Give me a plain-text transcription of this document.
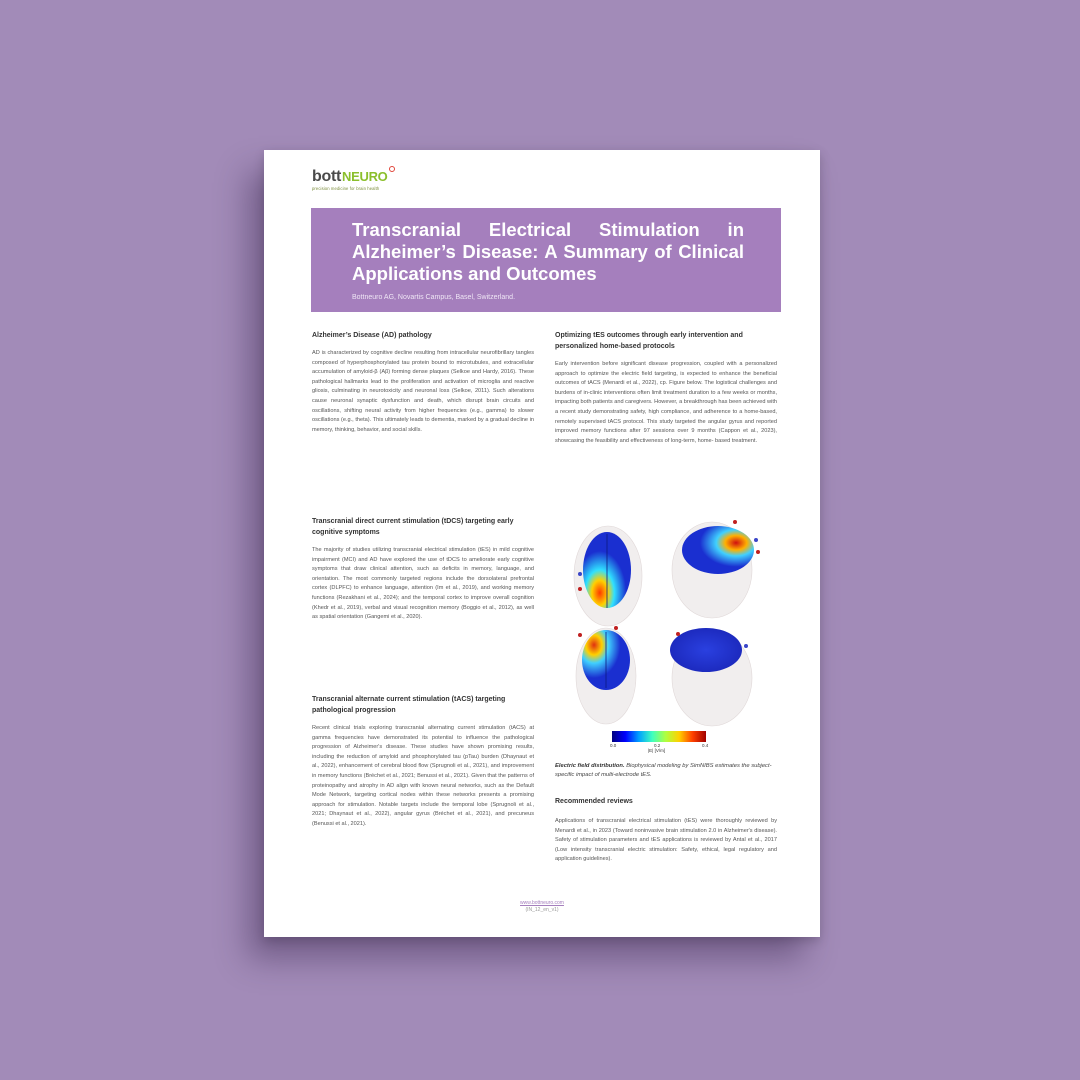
bottNEURO
precision medicine for brain health
Transcranial Electrical Stimulation in Alzheimer’s Disease: A Summary of Clinical Applications and Outcomes
Bottneuro AG, Novartis Campus, Basel, Switzerland.
Alzheimer’s Disease (AD) pathology

AD is characterized by cognitive decline resulting from intracellular neurofibrillary tangles composed of hyperphosphorylated tau protein bound to microtubules, and extracellular accumulation of amyloid-β (Aβ) forming dense plaques (Selkoe and Hardy, 2016). These pathological hallmarks lead to the proliferation and activation of microglia and reactive gliosis, culminating in neurotoxicity and neuronal loss (Selkoe, 2011). Such alterations cause neuronal synaptic dysfunction and death, which disrupt brain circuits and oscillations, shifting neural activity from higher frequencies (e.g., gamma) to slower oscillations (e.g., theta). This ultimately leads to dementia, marked by a gradual decline in memory, thinking, behavior, and social skills.

Transcranial direct current stimulation (tDCS) targeting early cognitive symptoms

The majority of studies utilizing transcranial electrical stimulation (tES) in mild cognitive impairment (MCI) and AD have explored the use of tDCS to ameliorate early cognitive symptoms that draw clinical attention, such as deficits in memory, language, and orientation. The most commonly targeted regions include the dorsolateral prefrontal cortex (DLPFC) to enhance language, attention (Im et al., 2019), and working memory functions (Rezakhani et al., 2024); and the temporal cortex to improve overall cognition (Khedr et al., 2019), verbal and visual recognition memory (Boggio et al., 2012), as well as spatial orientation (Gangemi et al., 2020).

Transcranial alternate current stimulation (tACS) targeting pathological progression

Recent clinical trials exploring transcranial alternating current stimulation (tACS) at gamma frequencies have demonstrated its potential to influence the pathological progression of Alzheimer's disease. These studies have shown promising results, including the reduction of amyloid and phosphorylated tau (pTau) burden (Dhaynaut et al., 2022), enhancement of cerebral blood flow (Sprugnoli et al., 2021), and improvement in memory functions (Bréchet et al., 2021; Benussi et al., 2021). Given that the patterns of proteinopathy and atrophy in AD align with known neural networks, such as the Default Mode Network, targeting cortical nodes within these networks presents a promising approach for stimulation. Notable targets include the temporal lobe (Sprugnoli et al., 2021; Dhaynaut et al., 2022), angular gyrus (Bréchet et al., 2021), and precuneus (Benussi et al., 2021).

Optimizing tES outcomes through early intervention and personalized home-based protocols

Early intervention before significant disease progression, coupled with a personalized approach to optimize the electric field targeting, is expected to enhance the beneficial outcomes of tACS (Menardi et al., 2022), cp. Figure below. The logistical challenges and burdens of in-clinic interventions often limit treatment duration to a few weeks or months, impacting both patients and caregivers. However, a breakthrough has been achieved with a recent study demonstrating safety, high compliance, and adherence to a home-based, remotely supervised tACS protocol. This study targeted the angular gyrus and reported improved memory functions after 97 sessions over 9 months (Cappon et al., 2023), showcasing the feasibility and effectiveness of long-term, home- based treatment.

0.0	0.2	0.4
|E| [V/m]
Electric field distribution. Biophysical modeling by SimNIBS estimates the subject-specific impact of multi-electrode tES.
Recommended reviews

Applications of transcranial electrical stimulation (tES) were thoroughly reviewed by Menardi et al., in 2023 (Toward noninvasive brain stimulation 2.0 in Alzheimer's disease). Safety of stimulation parameters and tES applications is reviewed by Antal et al., 2017 (Low intensity transcranial electric stimulation: Safety, ethical, legal regulatory and application guidelines).

www.bottneuro.com
(IN_12_en_v1)
